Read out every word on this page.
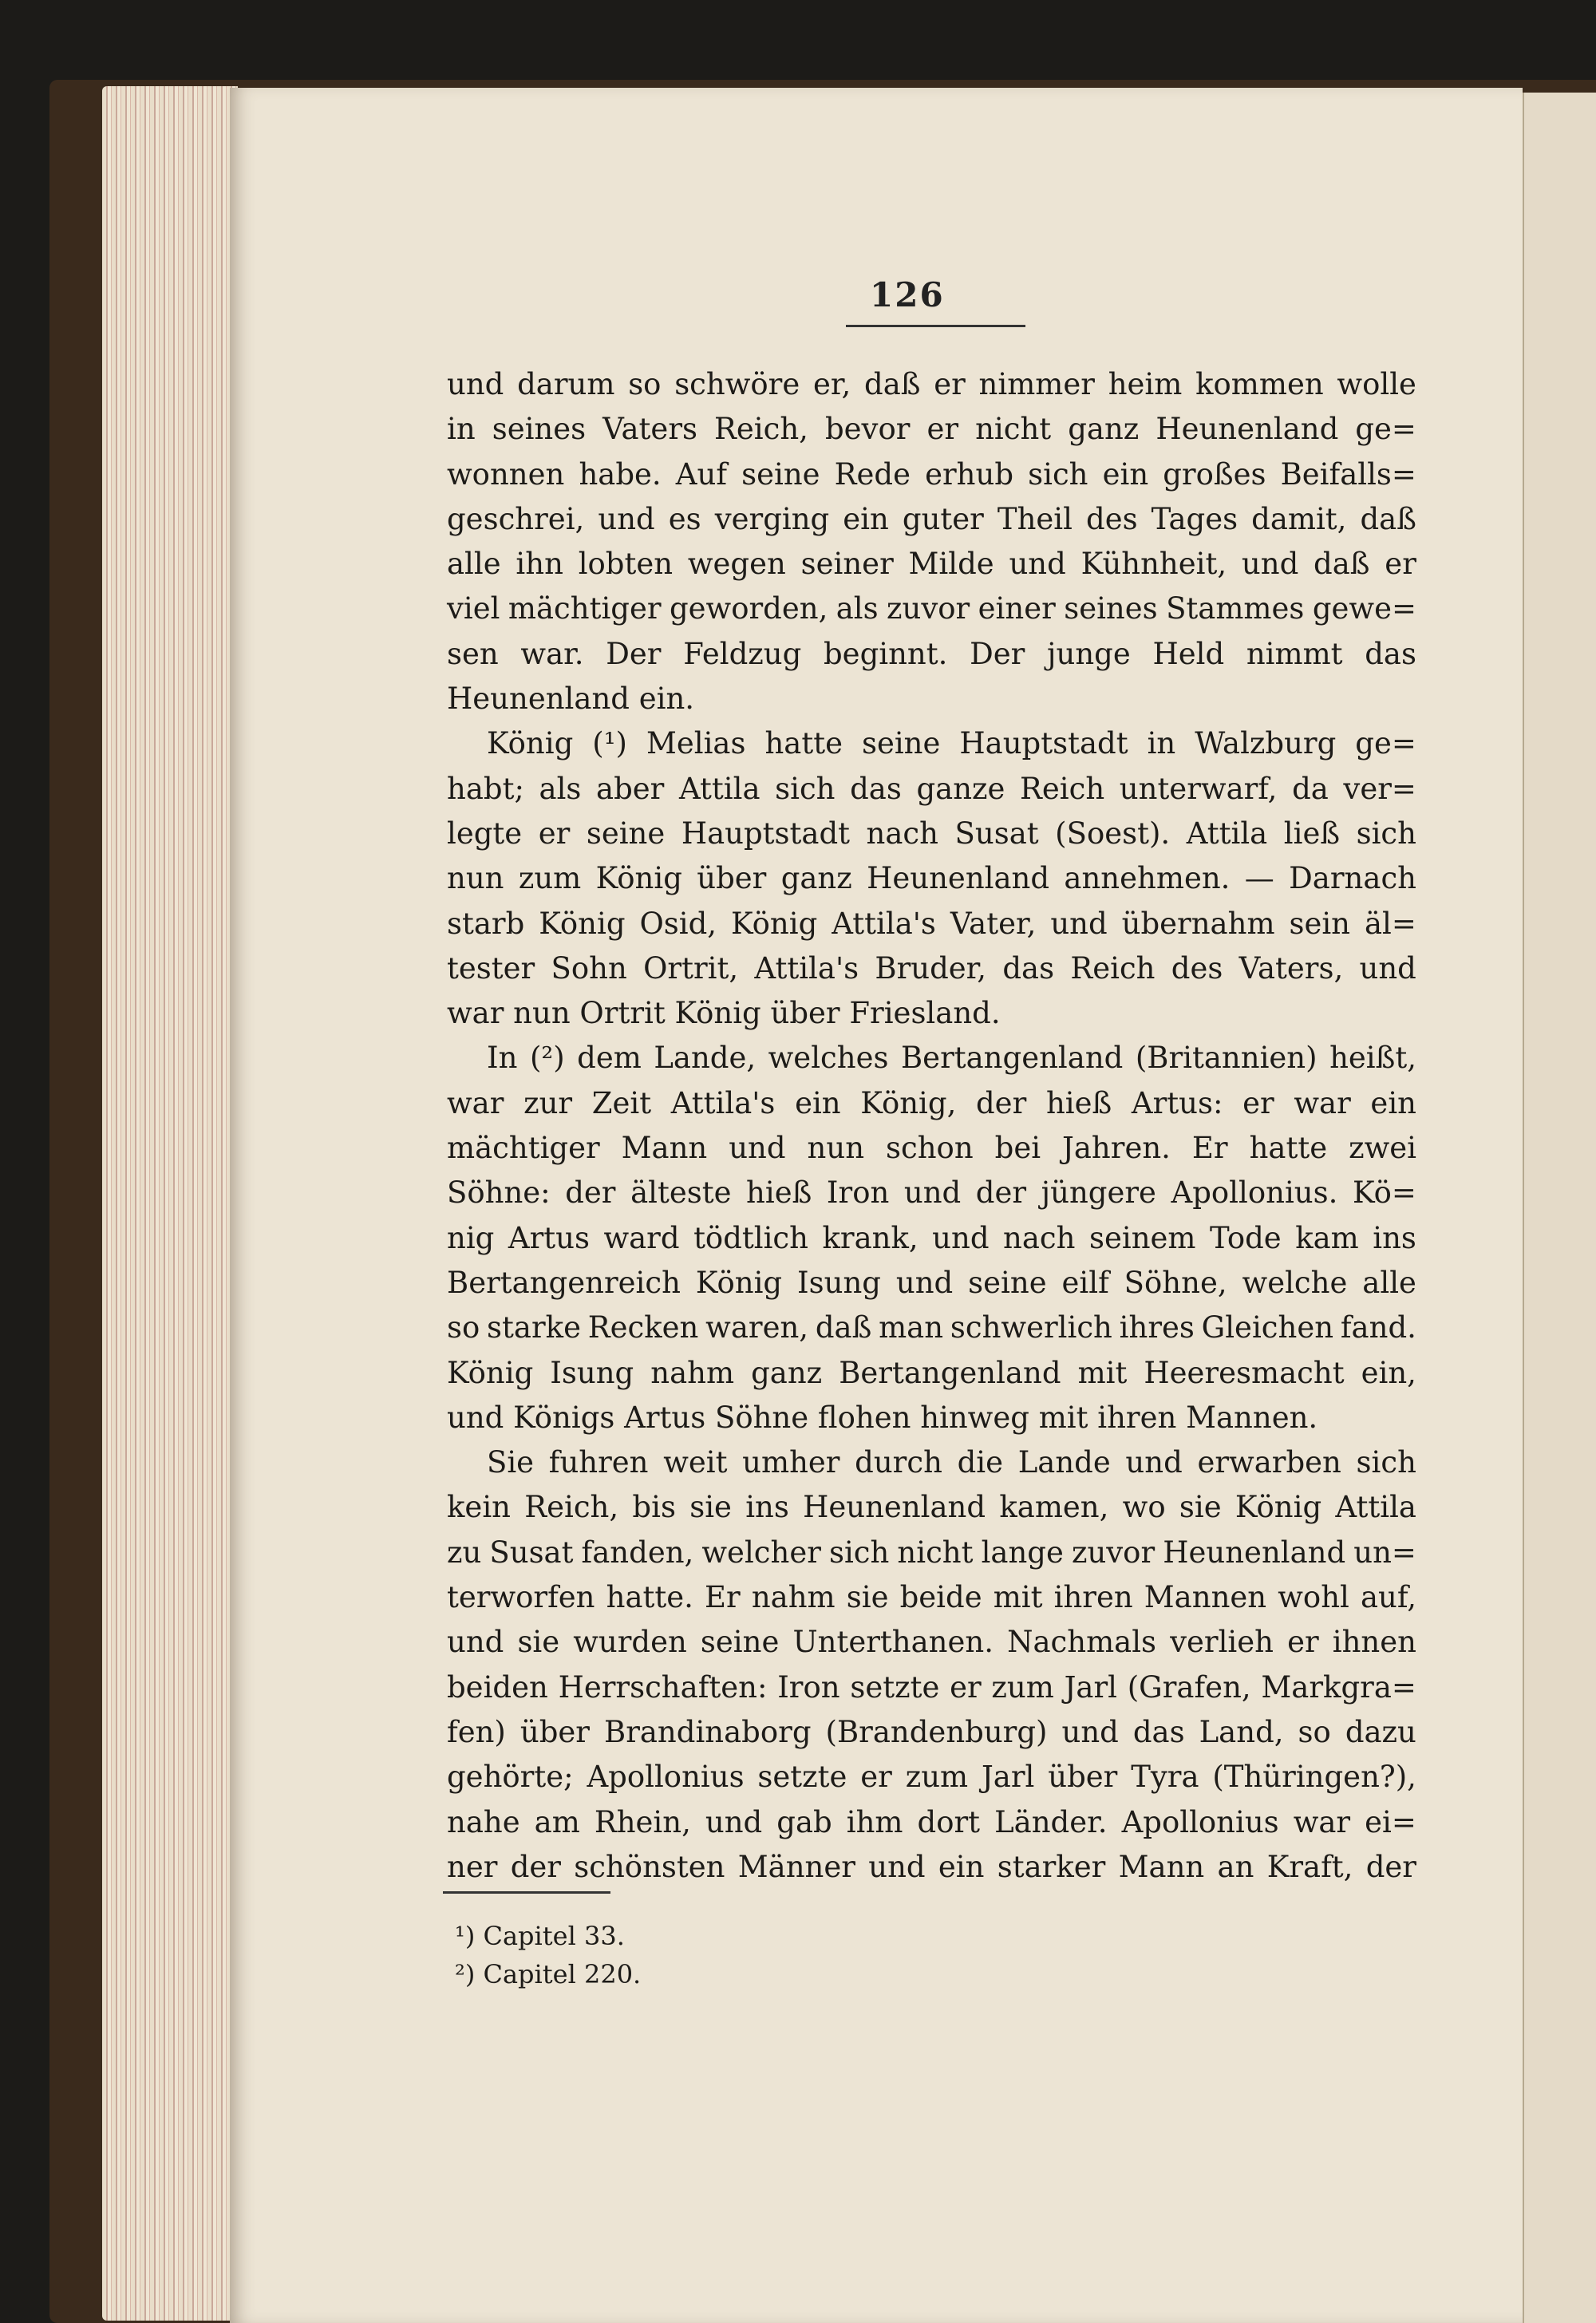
126
und darum so schwöre er, daß er nimmer heim kommen wolle
in seines Vaters Reich, bevor er nicht ganz Heunenland ge=
wonnen habe. Auf seine Rede erhub sich ein großes Beifalls=
geschrei, und es verging ein guter Theil des Tages damit, daß
alle ihn lobten wegen seiner Milde und Kühnheit, und daß er
viel mächtiger geworden, als zuvor einer seines Stammes gewe=
sen war. Der Feldzug beginnt. Der junge Held nimmt das
Heunenland ein.
König (¹) Melias hatte seine Hauptstadt in Walzburg ge=
habt; als aber Attila sich das ganze Reich unterwarf, da ver=
legte er seine Hauptstadt nach Susat (Soest). Attila ließ sich
nun zum König über ganz Heunenland annehmen. — Darnach
starb König Osid, König Attila's Vater, und übernahm sein äl=
tester Sohn Ortrit, Attila's Bruder, das Reich des Vaters, und
war nun Ortrit König über Friesland.
In (²) dem Lande, welches Bertangenland (Britannien) heißt,
war zur Zeit Attila's ein König, der hieß Artus: er war ein
mächtiger Mann und nun schon bei Jahren. Er hatte zwei
Söhne: der älteste hieß Iron und der jüngere Apollonius. Kö=
nig Artus ward tödtlich krank, und nach seinem Tode kam ins
Bertangenreich König Isung und seine eilf Söhne, welche alle
so starke Recken waren, daß man schwerlich ihres Gleichen fand.
König Isung nahm ganz Bertangenland mit Heeresmacht ein,
und Königs Artus Söhne flohen hinweg mit ihren Mannen.
Sie fuhren weit umher durch die Lande und erwarben sich
kein Reich, bis sie ins Heunenland kamen, wo sie König Attila
zu Susat fanden, welcher sich nicht lange zuvor Heunenland un=
terworfen hatte. Er nahm sie beide mit ihren Mannen wohl auf,
und sie wurden seine Unterthanen. Nachmals verlieh er ihnen
beiden Herrschaften: Iron setzte er zum Jarl (Grafen, Markgra=
fen) über Brandinaborg (Brandenburg) und das Land, so dazu
gehörte; Apollonius setzte er zum Jarl über Tyra (Thüringen?),
nahe am Rhein, und gab ihm dort Länder. Apollonius war ei=
ner der schönsten Männer und ein starker Mann an Kraft, der
¹) Capitel 33.
²) Capitel 220.
